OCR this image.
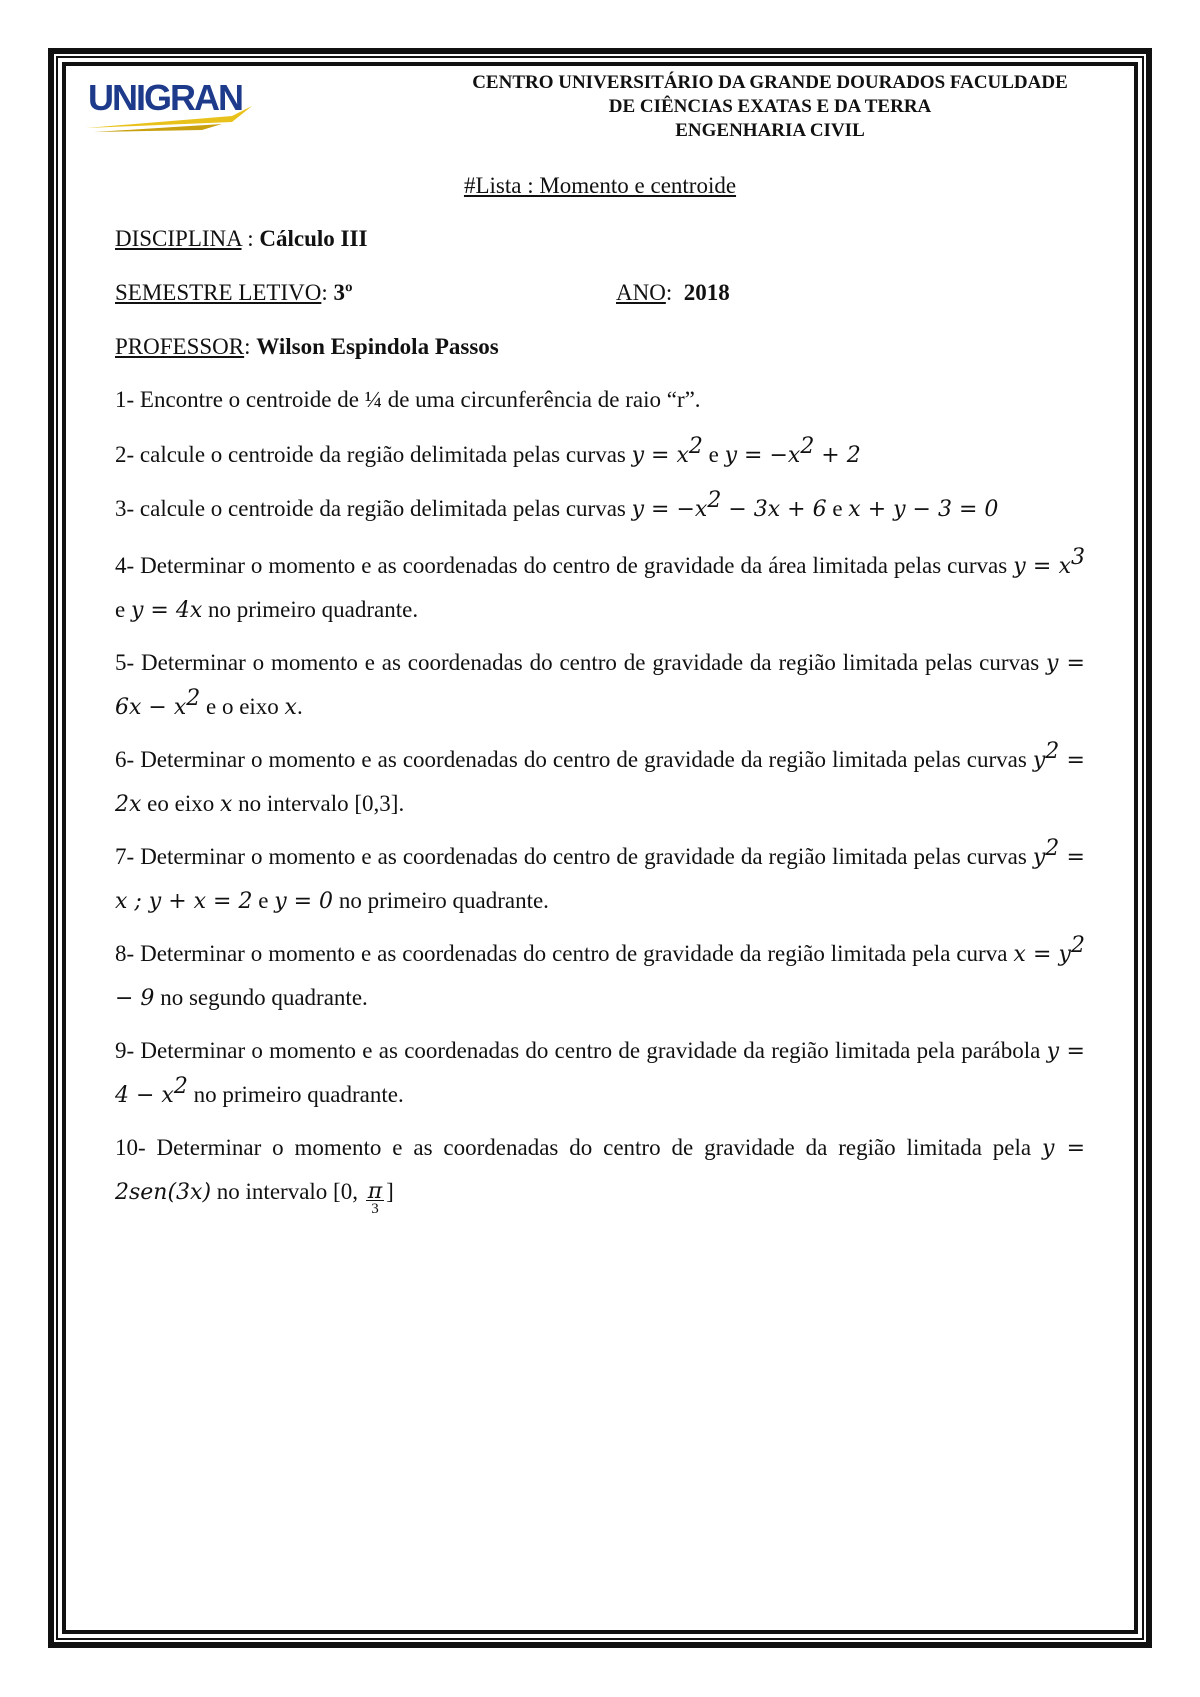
UNIGRAN	CENTRO UNIVERSITÁRIO DA GRANDE DOURADOS FACULDADE
DE CIÊNCIAS EXATAS E DA TERRA
ENGENHARIA CIVIL
#Lista : Momento e centroide
DISCIPLINA : Cálculo III
SEMESTRE LETIVO: 3º	ANO:  2018
PROFESSOR: Wilson Espindola Passos
1- Encontre o centroide de ¼ de uma circunferência de raio “r”.
2- calcule o centroide da região delimitada pelas curvas $y = x^2$ e $y = -x^2 + 2$
3- calcule o centroide da região delimitada pelas curvas $y = -x^2 - 3x + 6$ e x + y − 3 = 0
4- Determinar o momento e as coordenadas do centro de gravidade da área limitada pelas curvas $y = x^3$ e y = 4x no primeiro quadrante.
5- Determinar o momento e as coordenadas do centro de gravidade da região limitada pelas curvas $y = 6x - x^2$ e o eixo x.
6- Determinar o momento e as coordenadas do centro de gravidade da região limitada pelas curvas $y^2 = 2x$ eo eixo x no intervalo [0,3].
7- Determinar o momento e as coordenadas do centro de gravidade da região limitada pelas curvas $y^2 = x$ ; y + x = 2 e y = 0 no primeiro quadrante.
8- Determinar o momento e as coordenadas do centro de gravidade da região limitada pela curva $x = y^2 - 9$ no segundo quadrante.
9- Determinar o momento e as coordenadas do centro de gravidade da região limitada pela parábola $y = 4 - x^2$ no primeiro quadrante.
10- Determinar o momento e as coordenadas do centro de gravidade da região limitada pela y = 2sen(3x) no intervalo [0, $\frac{\pi}{3}$ ]
